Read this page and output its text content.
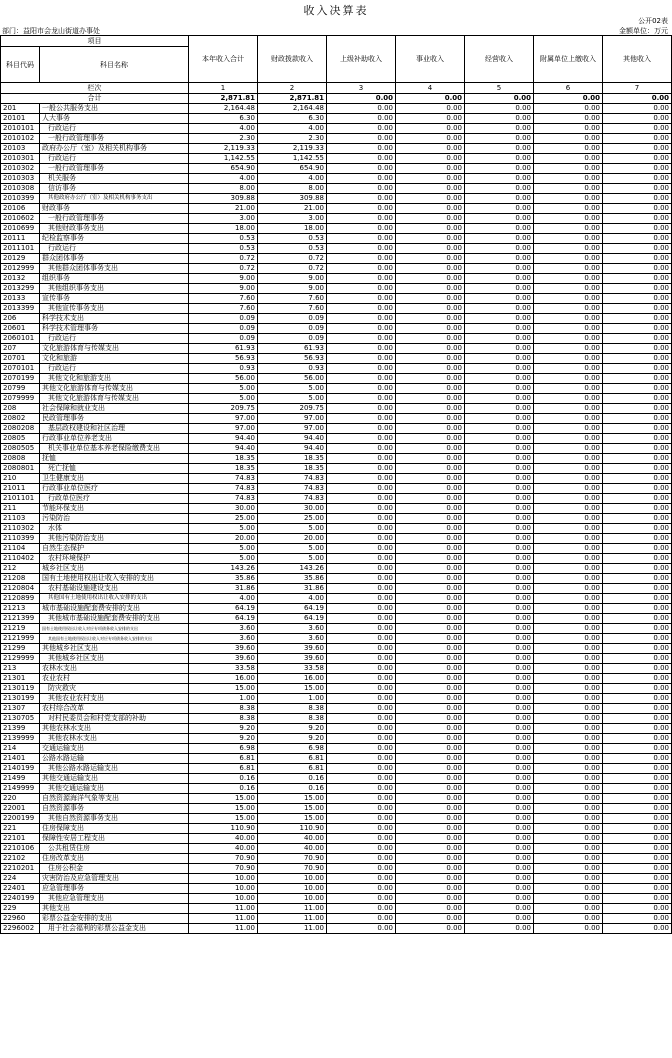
收入决算表
公开02表
部门：益阳市会龙山街道办事处	金额单位：万元
项目		本年收入合计	财政拨款收入	上级补助收入	事业收入	经营收入	附属单位上缴收入	其他收入
科目代码	科目名称							
栏次		1	2	3	4	5	6	7
合计		2,871.81	2,871.81	0.00	0.00	0.00	0.00	0.00
201	一般公共服务支出	2,164.48	2,164.48	0.00	0.00	0.00	0.00	0.00
20101	人大事务	6.30	6.30	0.00	0.00	0.00	0.00	0.00
2010101	行政运行	4.00	4.00	0.00	0.00	0.00	0.00	0.00
2010102	一般行政管理事务	2.30	2.30	0.00	0.00	0.00	0.00	0.00
20103	政府办公厅（室）及相关机构事务	2,119.33	2,119.33	0.00	0.00	0.00	0.00	0.00
2010301	行政运行	1,142.55	1,142.55	0.00	0.00	0.00	0.00	0.00
2010302	一般行政管理事务	654.90	654.90	0.00	0.00	0.00	0.00	0.00
2010303	机关服务	4.00	4.00	0.00	0.00	0.00	0.00	0.00
2010308	信访事务	8.00	8.00	0.00	0.00	0.00	0.00	0.00
2010399	其他政府办公厅（室）及相关机构事务支出	309.88	309.88	0.00	0.00	0.00	0.00	0.00
20106	财政事务	21.00	21.00	0.00	0.00	0.00	0.00	0.00
2010602	一般行政管理事务	3.00	3.00	0.00	0.00	0.00	0.00	0.00
2010699	其他财政事务支出	18.00	18.00	0.00	0.00	0.00	0.00	0.00
20111	纪检监察事务	0.53	0.53	0.00	0.00	0.00	0.00	0.00
2011101	行政运行	0.53	0.53	0.00	0.00	0.00	0.00	0.00
20129	群众团体事务	0.72	0.72	0.00	0.00	0.00	0.00	0.00
2012999	其他群众团体事务支出	0.72	0.72	0.00	0.00	0.00	0.00	0.00
20132	组织事务	9.00	9.00	0.00	0.00	0.00	0.00	0.00
2013299	其他组织事务支出	9.00	9.00	0.00	0.00	0.00	0.00	0.00
20133	宣传事务	7.60	7.60	0.00	0.00	0.00	0.00	0.00
2013399	其他宣传事务支出	7.60	7.60	0.00	0.00	0.00	0.00	0.00
206	科学技术支出	0.09	0.09	0.00	0.00	0.00	0.00	0.00
20601	科学技术管理事务	0.09	0.09	0.00	0.00	0.00	0.00	0.00
2060101	行政运行	0.09	0.09	0.00	0.00	0.00	0.00	0.00
207	文化旅游体育与传媒支出	61.93	61.93	0.00	0.00	0.00	0.00	0.00
20701	文化和旅游	56.93	56.93	0.00	0.00	0.00	0.00	0.00
2070101	行政运行	0.93	0.93	0.00	0.00	0.00	0.00	0.00
2070199	其他文化和旅游支出	56.00	56.00	0.00	0.00	0.00	0.00	0.00
20799	其他文化旅游体育与传媒支出	5.00	5.00	0.00	0.00	0.00	0.00	0.00
2079999	其他文化旅游体育与传媒支出	5.00	5.00	0.00	0.00	0.00	0.00	0.00
208	社会保障和就业支出	209.75	209.75	0.00	0.00	0.00	0.00	0.00
20802	民政管理事务	97.00	97.00	0.00	0.00	0.00	0.00	0.00
2080208	基层政权建设和社区治理	97.00	97.00	0.00	0.00	0.00	0.00	0.00
20805	行政事业单位养老支出	94.40	94.40	0.00	0.00	0.00	0.00	0.00
2080505	机关事业单位基本养老保险缴费支出	94.40	94.40	0.00	0.00	0.00	0.00	0.00
20808	抚恤	18.35	18.35	0.00	0.00	0.00	0.00	0.00
2080801	死亡抚恤	18.35	18.35	0.00	0.00	0.00	0.00	0.00
210	卫生健康支出	74.83	74.83	0.00	0.00	0.00	0.00	0.00
21011	行政事业单位医疗	74.83	74.83	0.00	0.00	0.00	0.00	0.00
2101101	行政单位医疗	74.83	74.83	0.00	0.00	0.00	0.00	0.00
211	节能环保支出	30.00	30.00	0.00	0.00	0.00	0.00	0.00
21103	污染防治	25.00	25.00	0.00	0.00	0.00	0.00	0.00
2110302	水体	5.00	5.00	0.00	0.00	0.00	0.00	0.00
2110399	其他污染防治支出	20.00	20.00	0.00	0.00	0.00	0.00	0.00
21104	自然生态保护	5.00	5.00	0.00	0.00	0.00	0.00	0.00
2110402	农村环境保护	5.00	5.00	0.00	0.00	0.00	0.00	0.00
212	城乡社区支出	143.26	143.26	0.00	0.00	0.00	0.00	0.00
21208	国有土地使用权出让收入安排的支出	35.86	35.86	0.00	0.00	0.00	0.00	0.00
2120804	农村基础设施建设支出	31.86	31.86	0.00	0.00	0.00	0.00	0.00
2120899	其他国有土地使用权出让收入安排的支出	4.00	4.00	0.00	0.00	0.00	0.00	0.00
21213	城市基础设施配套费安排的支出	64.19	64.19	0.00	0.00	0.00	0.00	0.00
2121399	其他城市基础设施配套费安排的支出	64.19	64.19	0.00	0.00	0.00	0.00	0.00
21219	国有土地使用权出让收入对应专项债务收入安排的支出	3.60	3.60	0.00	0.00	0.00	0.00	0.00
2121999	其他国有土地使用权出让收入对应专项债务收入安排的支出	3.60	3.60	0.00	0.00	0.00	0.00	0.00
21299	其他城乡社区支出	39.60	39.60	0.00	0.00	0.00	0.00	0.00
2129999	其他城乡社区支出	39.60	39.60	0.00	0.00	0.00	0.00	0.00
213	农林水支出	33.58	33.58	0.00	0.00	0.00	0.00	0.00
21301	农业农村	16.00	16.00	0.00	0.00	0.00	0.00	0.00
2130119	防灾救灾	15.00	15.00	0.00	0.00	0.00	0.00	0.00
2130199	其他农业农村支出	1.00	1.00	0.00	0.00	0.00	0.00	0.00
21307	农村综合改革	8.38	8.38	0.00	0.00	0.00	0.00	0.00
2130705	对村民委员会和村党支部的补助	8.38	8.38	0.00	0.00	0.00	0.00	0.00
21399	其他农林水支出	9.20	9.20	0.00	0.00	0.00	0.00	0.00
2139999	其他农林水支出	9.20	9.20	0.00	0.00	0.00	0.00	0.00
214	交通运输支出	6.98	6.98	0.00	0.00	0.00	0.00	0.00
21401	公路水路运输	6.81	6.81	0.00	0.00	0.00	0.00	0.00
2140199	其他公路水路运输支出	6.81	6.81	0.00	0.00	0.00	0.00	0.00
21499	其他交通运输支出	0.16	0.16	0.00	0.00	0.00	0.00	0.00
2149999	其他交通运输支出	0.16	0.16	0.00	0.00	0.00	0.00	0.00
220	自然资源海洋气象等支出	15.00	15.00	0.00	0.00	0.00	0.00	0.00
22001	自然资源事务	15.00	15.00	0.00	0.00	0.00	0.00	0.00
2200199	其他自然资源事务支出	15.00	15.00	0.00	0.00	0.00	0.00	0.00
221	住房保障支出	110.90	110.90	0.00	0.00	0.00	0.00	0.00
22101	保障性安居工程支出	40.00	40.00	0.00	0.00	0.00	0.00	0.00
2210106	公共租赁住房	40.00	40.00	0.00	0.00	0.00	0.00	0.00
22102	住房改革支出	70.90	70.90	0.00	0.00	0.00	0.00	0.00
2210201	住房公积金	70.90	70.90	0.00	0.00	0.00	0.00	0.00
224	灾害防治及应急管理支出	10.00	10.00	0.00	0.00	0.00	0.00	0.00
22401	应急管理事务	10.00	10.00	0.00	0.00	0.00	0.00	0.00
2240199	其他应急管理支出	10.00	10.00	0.00	0.00	0.00	0.00	0.00
229	其他支出	11.00	11.00	0.00	0.00	0.00	0.00	0.00
22960	彩票公益金安排的支出	11.00	11.00	0.00	0.00	0.00	0.00	0.00
2296002	用于社会福利的彩票公益金支出	11.00	11.00	0.00	0.00	0.00	0.00	0.00
